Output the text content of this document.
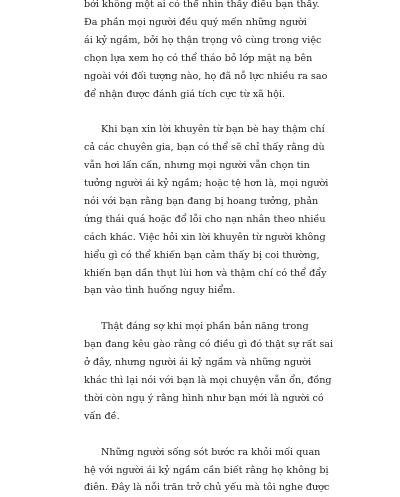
bởi không một ai có thể nhìn thấy điều bạn thấy.
Đa phần mọi người đều quý mến những người
ái kỷ ngầm, bởi họ thận trọng vô cùng trong việc
chọn lựa xem họ có thể tháo bỏ lớp mặt nạ bên
ngoài với đối tượng nào, họ đã nỗ lực nhiều ra sao
để nhận được đánh giá tích cực từ xã hội.

Khi bạn xin lời khuyên từ bạn bè hay thậm chí
cả các chuyên gia, bạn có thể sẽ chỉ thấy rằng dù
vẫn hơi lấn cấn, nhưng mọi người vẫn chọn tin
tưởng người ái kỷ ngầm; hoặc tệ hơn là, mọi người
nói với bạn rằng bạn đang bị hoang tưởng, phản
ứng thái quá hoặc đổ lỗi cho nạn nhân theo nhiều
cách khác. Việc hỏi xin lời khuyên từ người không
hiểu gì có thể khiến bạn cảm thấy bị coi thường,
khiến bạn dần thụt lùi hơn và thậm chí có thể đẩy
bạn vào tình huống nguy hiểm.

Thật đáng sợ khi mọi phần bản năng trong
bạn đang kêu gào rằng có điều gì đó thật sự rất sai
ở đây, nhưng người ái kỷ ngầm và những người
khác thì lại nói với bạn là mọi chuyện vẫn ổn, đồng
thời còn ngụ ý rằng hình như bạn mới là người có
vấn đề.

Những người sống sót bước ra khỏi mối quan
hệ với người ái kỷ ngầm cần biết rằng họ không bị
điên. Đây là nỗi trăn trở chủ yếu mà tôi nghe được
